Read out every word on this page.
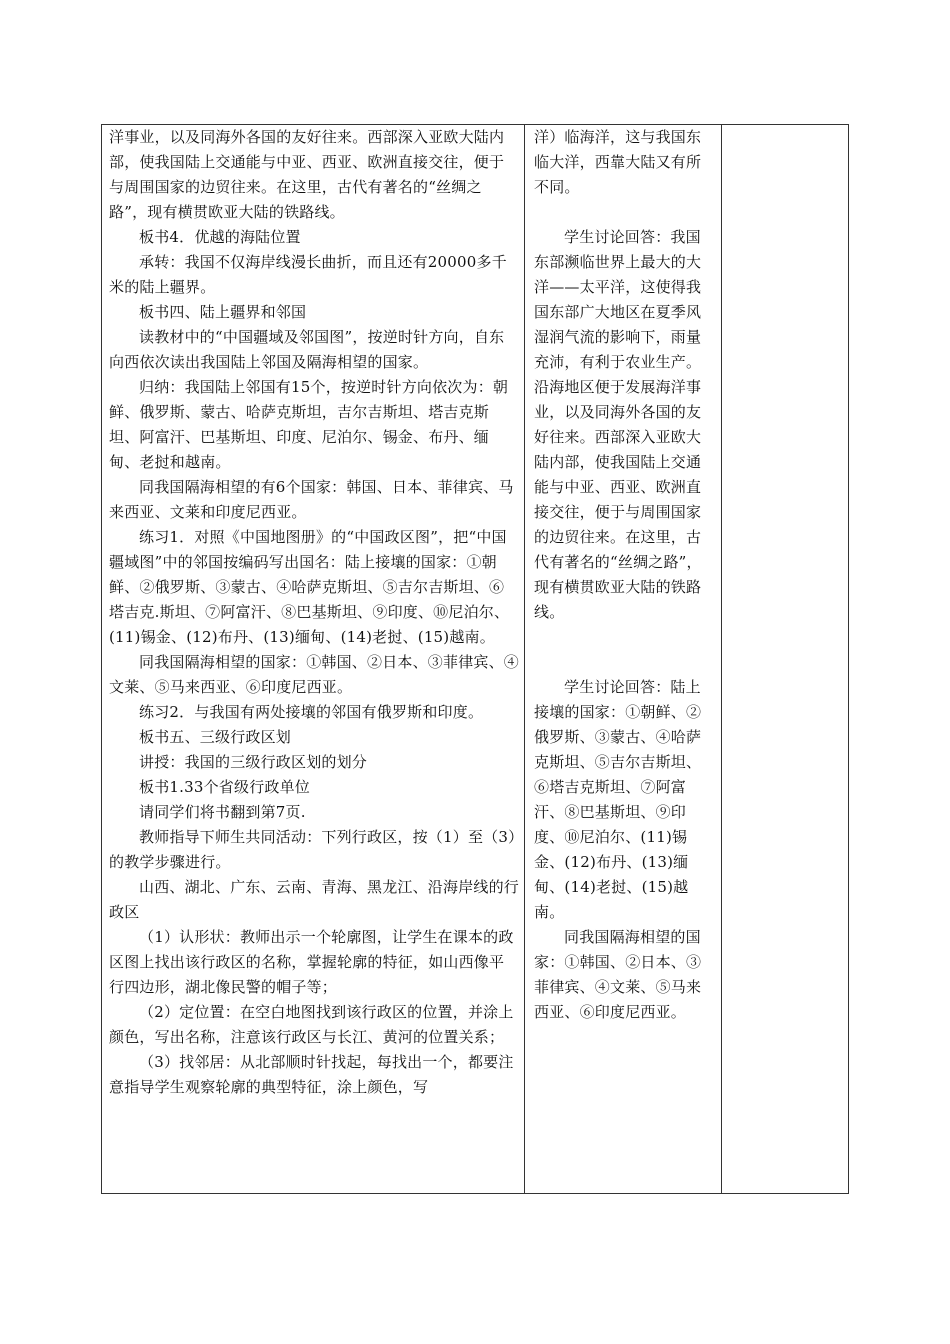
洋事业，以及同海外各国的友好往来。西部深入亚欧大陆内部，使我国陆上交通能与中亚、西亚、欧洲直接交往，便于与周围国家的边贸往来。在这里，古代有著名的“丝绸之路”，现有横贯欧亚大陆的铁路线。

板书4．优越的海陆位置

承转：我国不仅海岸线漫长曲折，而且还有20000多千米的陆上疆界。

板书四、陆上疆界和邻国

读教材中的“中国疆域及邻国图”，按逆时针方向，自东向西依次读出我国陆上邻国及隔海相望的国家。

归纳：我国陆上邻国有15个，按逆时针方向依次为：朝鲜、俄罗斯、蒙古、哈萨克斯坦，吉尔吉斯坦、塔吉克斯坦、阿富汗、巴基斯坦、印度、尼泊尔、锡金、布丹、缅甸、老挝和越南。

同我国隔海相望的有6个国家：韩国、日本、菲律宾、马来西亚、文莱和印度尼西亚。

练习1．对照《中国地图册》的“中国政区图”，把“中国疆域图”中的邻国按编码写出国名：陆上接壤的国家：①朝鲜、②俄罗斯、③蒙古、④哈萨克斯坦、⑤吉尔吉斯坦、⑥塔吉克.斯坦、⑦阿富汗、⑧巴基斯坦、⑨印度、⑩尼泊尔、(11)锡金、(12)布丹、(13)缅甸、(14)老挝、(15)越南。

同我国隔海相望的国家：①韩国、②日本、③菲律宾、④文莱、⑤马来西亚、⑥印度尼西亚。

练习2．与我国有两处接壤的邻国有俄罗斯和印度。

板书五、三级行政区划

讲授：我国的三级行政区划的划分

板书1.33个省级行政单位

请同学们将书翻到第7页.

教师指导下师生共同活动：下列行政区，按（1）至（3）的教学步骤进行。

山西、湖北、广东、云南、青海、黑龙江、沿海岸线的行政区

（1）认形状：教师出示一个轮廓图，让学生在课本的政区图上找出该行政区的名称，掌握轮廓的特征，如山西像平行四边形，湖北像民警的帽子等；

（2）定位置：在空白地图找到该行政区的位置，并涂上颜色，写出名称，注意该行政区与长江、黄河的位置关系；

（3）找邻居：从北部顺时针找起，每找出一个，都要注意指导学生观察轮廓的典型特征，涂上颜色，写

洋）临海洋，这与我国东临大洋，西靠大陆又有所不同。

学生讨论回答：我国东部濒临世界上最大的大洋——太平洋，这使得我国东部广大地区在夏季风湿润气流的影响下，雨量充沛，有利于农业生产。沿海地区便于发展海洋事业，以及同海外各国的友好往来。西部深入亚欧大陆内部，使我国陆上交通能与中亚、西亚、欧洲直接交往，便于与周围国家的边贸往来。在这里，古代有著名的“丝绸之路”，现有横贯欧亚大陆的铁路线。

学生讨论回答：陆上接壤的国家：①朝鲜、②俄罗斯、③蒙古、④哈萨克斯坦、⑤吉尔吉斯坦、⑥塔吉克斯坦、⑦阿富汗、⑧巴基斯坦、⑨印度、⑩尼泊尔、(11)锡金、(12)布丹、(13)缅甸、(14)老挝、(15)越南。

同我国隔海相望的国家：①韩国、②日本、③菲律宾、④文莱、⑤马来西亚、⑥印度尼西亚。
